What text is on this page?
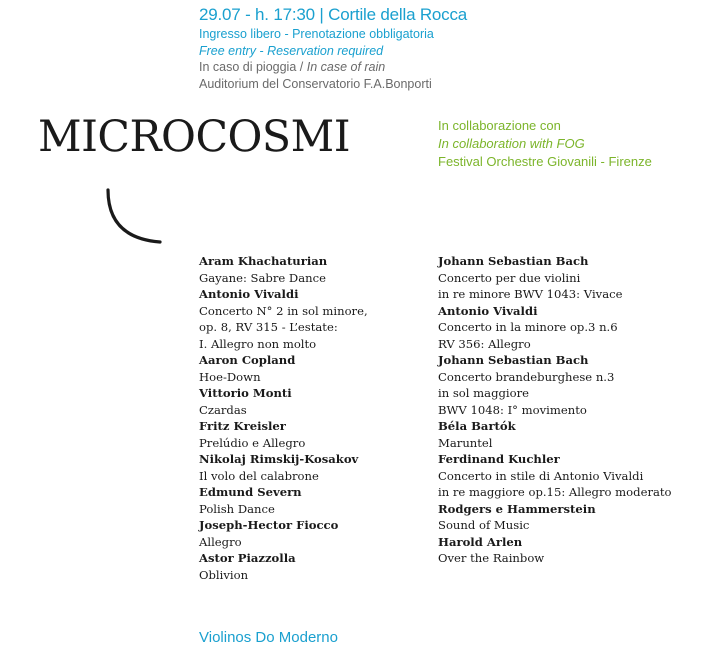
29.07 - h. 17:30 | Cortile della Rocca
Ingresso libero - Prenotazione obbligatoria
Free entry - Reservation required
In caso di pioggia / In case of rain
Auditorium del Conservatorio F.A.Bonporti
MICROCOSMI	In collaborazione con
In collaboration with FOG
Festival Orchestre Giovanili - Firenze
Aram Khachaturian
Gayane: Sabre Dance
Antonio Vivaldi
Concerto N° 2 in sol minore,
op. 8, RV 315 - L’estate:
I. Allegro non molto
Aaron Copland
Hoe-Down
Vittorio Monti
Czardas
Fritz Kreisler
Prelúdio e Allegro
Nikolaj Rimskij-Kosakov
Il volo del calabrone
Edmund Severn
Polish Dance
Joseph-Hector Fiocco
Allegro
Astor Piazzolla
Oblivion
Johann Sebastian Bach
Concerto per due violini
in re minore BWV 1043: Vivace
Antonio Vivaldi
Concerto in la minore op.3 n.6
RV 356: Allegro
Johann Sebastian Bach
Concerto brandeburghese n.3
in sol maggiore
BWV 1048: I° movimento
Béla Bartók
Maruntel
Ferdinand Kuchler
Concerto in stile di Antonio Vivaldi
in re maggiore op.15: Allegro moderato
Rodgers e Hammerstein
Sound of Music
Harold Arlen
Over the Rainbow
Violinos Do Moderno
